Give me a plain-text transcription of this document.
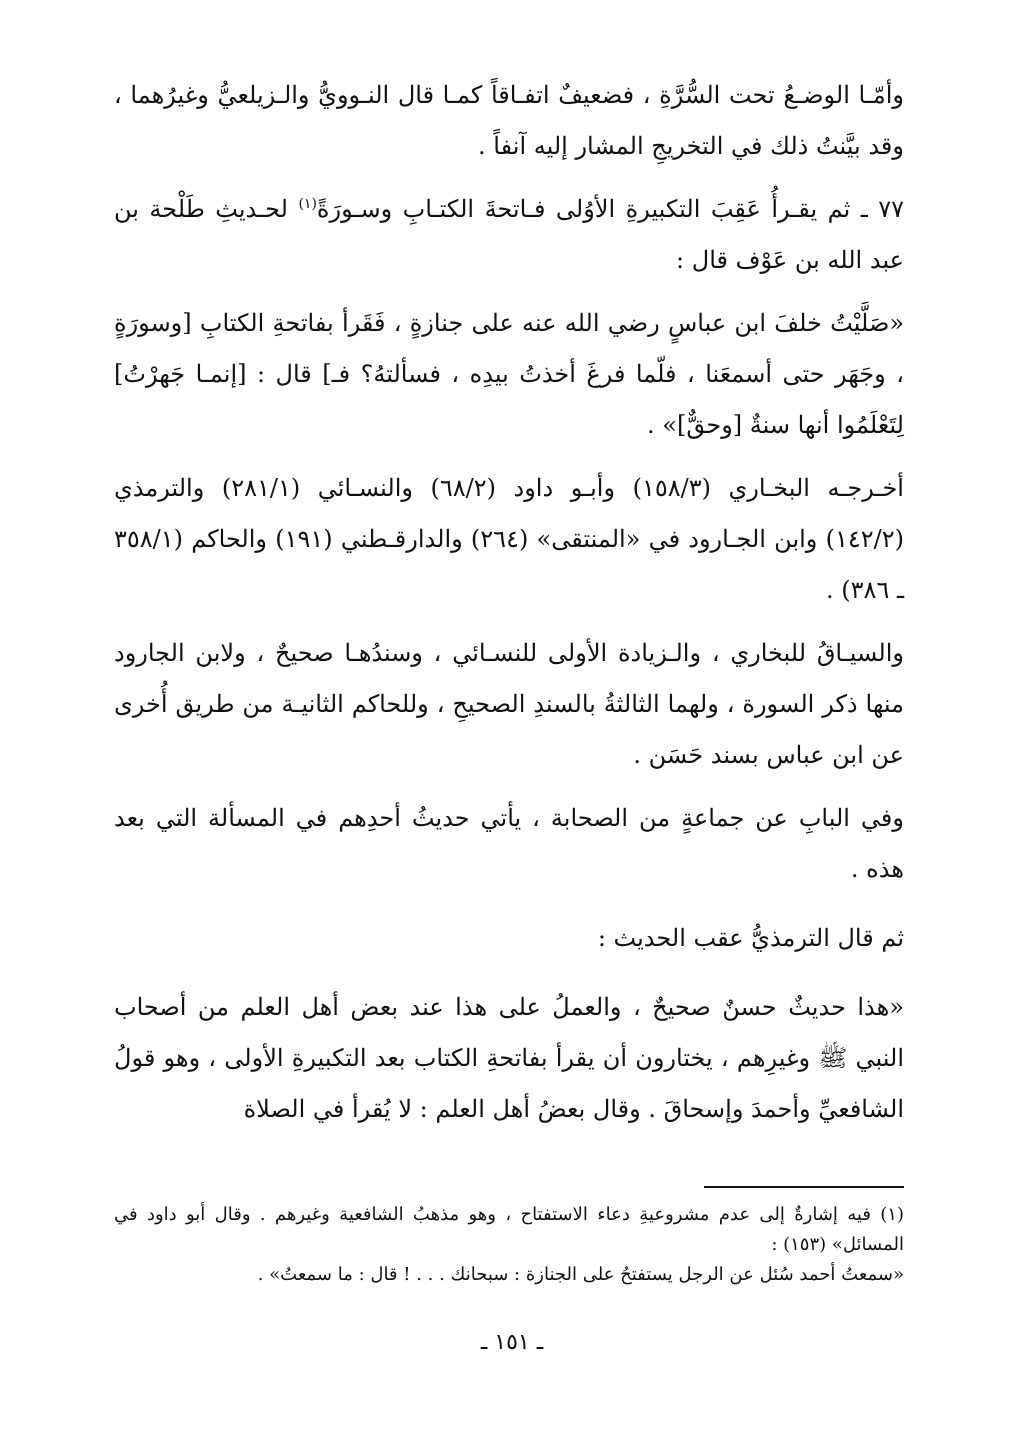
وأمّـا الوضـعُ تحت السُّرَّةِ ، فضعيفٌ اتفـاقاً كمـا قال النـوويُّ والـزيلعيُّ وغيرُهما ، وقد بيَّنتُ ذلك في التخريجِ المشار إليه آنفاً .

٧٧ ـ ثم يقـرأُ عَقِبَ التكبيرةِ الأوُلى فـاتحةَ الكتـابِ وسـورَةً$^{(١)}$ لحـديثِ طَلْحة بن عبد الله بن عَوْف قال :

«صَلَّيْتُ خلفَ ابن عباسٍ رضي الله عنه على جنازةٍ ، فَقَرأ بفاتحةِ الكتابِ [وسورَةٍ ، وجَهَر حتى أسمعَنا ، فلّما فرغَ أخذتُ بيدِه ، فسألتهُ؟ فـ] قال : [إنمـا جَهرْتُ] لِتَعْلَمُوا أنها سنةٌ [وحقٌّ]» .

أخـرجـه البخـاري (١٥٨/٣) وأبـو داود (٦٨/٢) والنسـائي (٢٨١/١) والترمذي (١٤٢/٢) وابن الجـارود في «المنتقى» (٢٦٤) والدارقـطني (١٩١) والحاكم (٣٥٨/١ ـ ٣٨٦) .

والسيـاقُ للبخاري ، والـزيادة الأولى للنسـائي ، وسندُهـا صحيحٌ ، ولابن الجارود منها ذكر السورة ، ولهما الثالثةُ بالسندِ الصحيحِ ، وللحاكم الثانيـة من طريق أُخرى عن ابن عباس بسند حَسَن .

وفي البابِ عن جماعةٍ من الصحابة ، يأتي حديثُ أحدِهم في المسألة التي بعد هذه .

ثم قال الترمذيُّ عقب الحديث :

«هذا حديثٌ حسنٌ صحيحٌ ، والعملُ على هذا عند بعض أهل العلم من أصحاب النبي ﷺ وغيرِهم ، يختارون أن يقرأ بفاتحةِ الكتاب بعد التكبيرةِ الأولى ، وهو قولُ الشافعيِّ وأحمدَ وإسحاقَ . وقال بعضُ أهل العلم : لا يُقرأ في الصلاة

(١) فيه إشارةٌ إلى عدم مشروعيةِ دعاء الاستفتاح ، وهو مذهبُ الشافعية وغيرهم . وقال أبو داود في المسائل» (١٥٣) :

«سمعتُ أحمد سُئل عن الرجل يستفتحُ على الجنازة : سبحانك . . . ! قال : ما سمعتُ» .

ـ ١٥١ ـ
